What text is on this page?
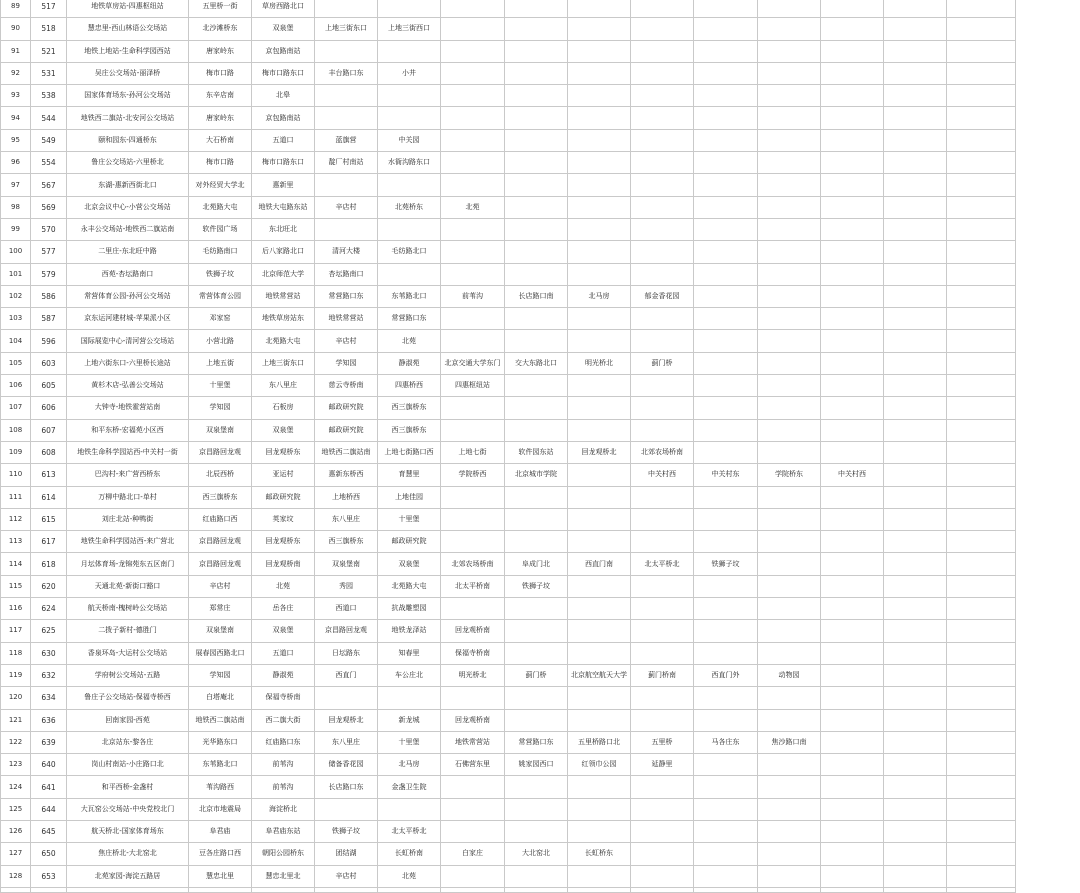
89	517	地铁草房站-四惠枢纽站	五里桥一街	草房西路北口											
90	518	慧忠里-西山林语公交场站	北沙滩桥东	双泉堡	上地三街东口	上地三街西口									
91	521	地铁上地站-生命科学园西站	唐家岭东	京包路南站											
92	531	吴庄公交场站-丽泽桥	梅市口路	梅市口路东口	丰台路口东	小井									
93	538	国家体育场东-孙河公交场站	东辛店南	北皋											
94	544	地铁西二旗站-北安河公交场站	唐家岭东	京包路南站											
95	549	颐和园东-四通桥东	大石桥南	五道口	蓝旗营	中关园									
96	554	鲁庄公交场站-六里桥北	梅市口路	梅市口路东口	靛厂村南站	水衙沟路东口									
97	567	东湖-惠新西街北口	对外经贸大学北	惠新里											
98	569	北京会议中心-小营公交场站	北苑路大屯	地铁大屯路东站	辛店村	北苑桥东	北苑								
99	570	永丰公交场站-地铁西二旗站南	软件园广场	东北旺北											
100	577	二里庄-东北旺中路	毛纺路南口	后八家路北口	清河大楼	毛纺路北口									
101	579	西苑-杏坛路南口	铁狮子坟	北京师范大学	杏坛路南口										
102	586	常营体育公园-孙河公交场站	常营体育公园	地铁常营站	常营路口东	东苇路北口	前苇沟	长店路口南	北马房	郁金香花园					
103	587	京东运河建材城-苹果派小区	邓家窑	地铁草房站东	地铁常营站	常营路口东									
104	596	国际展览中心-清河营公交场站	小营北路	北苑路大屯	辛店村	北苑									
105	603	上地六街东口-六里桥长途站	上地五街	上地三街东口	学知园	静淑苑	北京交通大学东门	交大东路北口	明光桥北	蓟门桥					
106	605	黄杉木店-弘善公交场站	十里堡	东八里庄	慈云寺桥南	四惠桥西	四惠枢纽站								
107	606	大钟寺-地铁霍营站南	学知园	石板房	邮政研究院	西三旗桥东									
108	607	和平东桥-宏福苑小区西	双泉堡南	双泉堡	邮政研究院	西三旗桥东									
109	608	地铁生命科学园站西-中关村一街	京昌路回龙观	回龙观桥东	地铁西二旗站南	上地七街路口西	上地七街	软件园东站	回龙观桥北	北郊农场桥南					
110	613	巴沟村-来广营西桥东	北辰西桥	亚运村	惠新东桥西	育慧里	学院桥西	北京城市学院		中关村西	中关村东	学院桥东	中关村西		
111	614	万柳中路北口-单村	西三旗桥东	邮政研究院	上地桥西	上地佳园									
112	615	刘庄北站-种鸭街	红庙路口西	英家坟	东八里庄	十里堡									
113	617	地铁生命科学园站西-来广营北	京昌路回龙观	回龙观桥东	西三旗桥东	邮政研究院									
114	618	月坛体育场-龙锦苑东五区南门	京昌路回龙观	回龙观桥南	双泉堡南	双泉堡	北郊农场桥南	阜成门北	西直门南	北太平桥北	铁狮子坟				
115	620	天通北苑-新街口豁口	辛店村	北苑	秀园	北苑路大屯	北太平桥南	铁狮子坟							
116	624	航天桥南-槐树岭公交场站	郑常庄	岳各庄	西道口	抗战雕塑园									
117	625	二拨子新村-德胜门	双泉堡南	双泉堡	京昌路回龙观	地铁龙泽站	回龙观桥南								
118	630	香泉环岛-大运村公交场站	展春园西路北口	五道口	日坛路东	知春里	保福寺桥南								
119	632	学府树公交场站-五路	学知园	静淑苑	西直门	车公庄北	明光桥北	蓟门桥	北京航空航天大学	蓟门桥南	西直门外	动物园			
120	634	鲁庄子公交场站-保福寺桥西	白塔庵北	保福寺桥南											
121	636	回南家园-西苑	地铁西二旗站南	西二旗大街	回龙观桥北	新龙城	回龙观桥南								
122	639	北京站东-黎各庄	光华路东口	红庙路口东	东八里庄	十里堡	地铁常营站	常营路口东	五里桥路口北	五里桥	马各庄东	焦沙路口南			
123	640	岗山村南站-小庄路口北	东苇路北口	前苇沟	储备香花园	北马房	石佛营东里	姚家园西口	红领巾公园	延静里					
124	641	和平西桥-金盏村	苇沟路西	前苇沟	长店路口东	金盏卫生院									
125	644	大瓦窑公交场站-中央党校北门	北京市地震局	海淀桥北											
126	645	航天桥北-国家体育场东	阜君庙	阜君庙东站	铁狮子坟	北太平桥北									
127	650	焦庄桥北-大北窑北	豆各庄路口西	朝阳公园桥东	团结湖	长虹桥南	白家庄	大北窑北	长虹桥东						
128	653	北苑家园-海淀五路居	慧忠北里	慧忠北里北	辛店村	北苑									
